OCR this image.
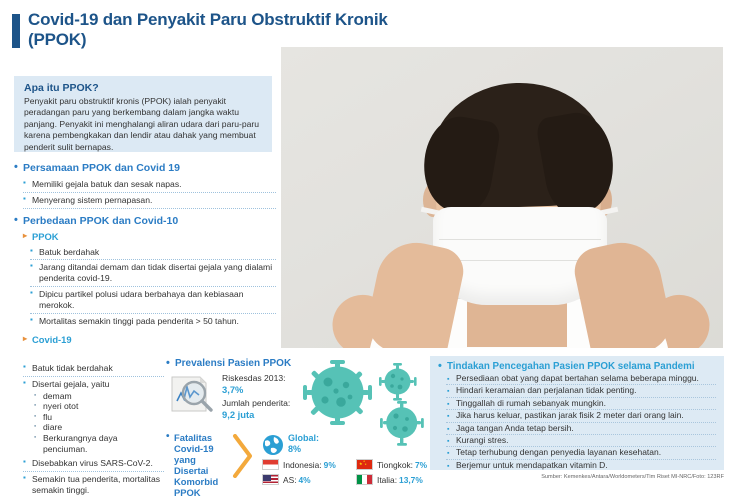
Covid-19 dan Penyakit Paru Obstruktif Kronik (PPOK)
Apa itu PPOK?
Penyakit paru obstruktif kronis (PPOK) ialah penyakit peradangan paru yang berkembang dalam jangka waktu panjang. Penyakit ini menghalangi aliran udara dari paru-paru karena pembengkakan dan lendir atau dahak yang membuat penderit sulit bernapas.
• Persamaan PPOK dan Covid 19
▪ Memiliki gejala batuk dan sesak napas.
▪ Menyerang sistem pernapasan.
• Perbedaan PPOK dan Covid-10
▸ PPOK
▪ Batuk berdahak
▪ Jarang ditandai demam dan tidak disertai gejala yang dialami penderita covid-19.
▪ Dipicu partikel polusi udara berbahaya dan kebiasaan merokok.
▪ Mortalitas semakin tinggi pada penderita > 50 tahun.
▸ Covid-19
▪ Batuk tidak berdahak
▪ Disertai gejala, yaitu
▪ demam
▪ nyeri otot
▪ flu
▪ diare
▪ Berkurangnya daya penciuman.
▪ Disebabkan virus SARS-CoV-2.
▪ Semakin tua penderita, mortalitas semakin tinggi.
• Prevalensi Pasien PPOK
Riskesdas 2013:
3,7%
Jumlah penderita:
9,2 juta
• Fatalitas Covid-19 yang Disertai Komorbid PPOK
Global:
8%
Indonesia : 9%
AS : 4%
★ ★
★ Tiongkok : 7%
Italia : 13,7%
• Tindakan Pencegahan Pasien PPOK selama Pandemi
▪ Persediaan obat yang dapat bertahan selama beberapa minggu.
▪ Hindari keramaian dan perjalanan tidak penting.
▪ Tinggallah di rumah sebanyak mungkin.
▪ Jika harus keluar, pastikan jarak fisik 2 meter dari orang lain.
▪ Jaga tangan Anda tetap bersih.
▪ Kurangi stres.
▪ Tetap terhubung dengan penyedia layanan kesehatan.
▪ Berjemur untuk mendapatkan vitamin D.
Sumber: Kemenkes/Antara/Worldometers/Tim Riset MI-NRC/Foto: 123RF
